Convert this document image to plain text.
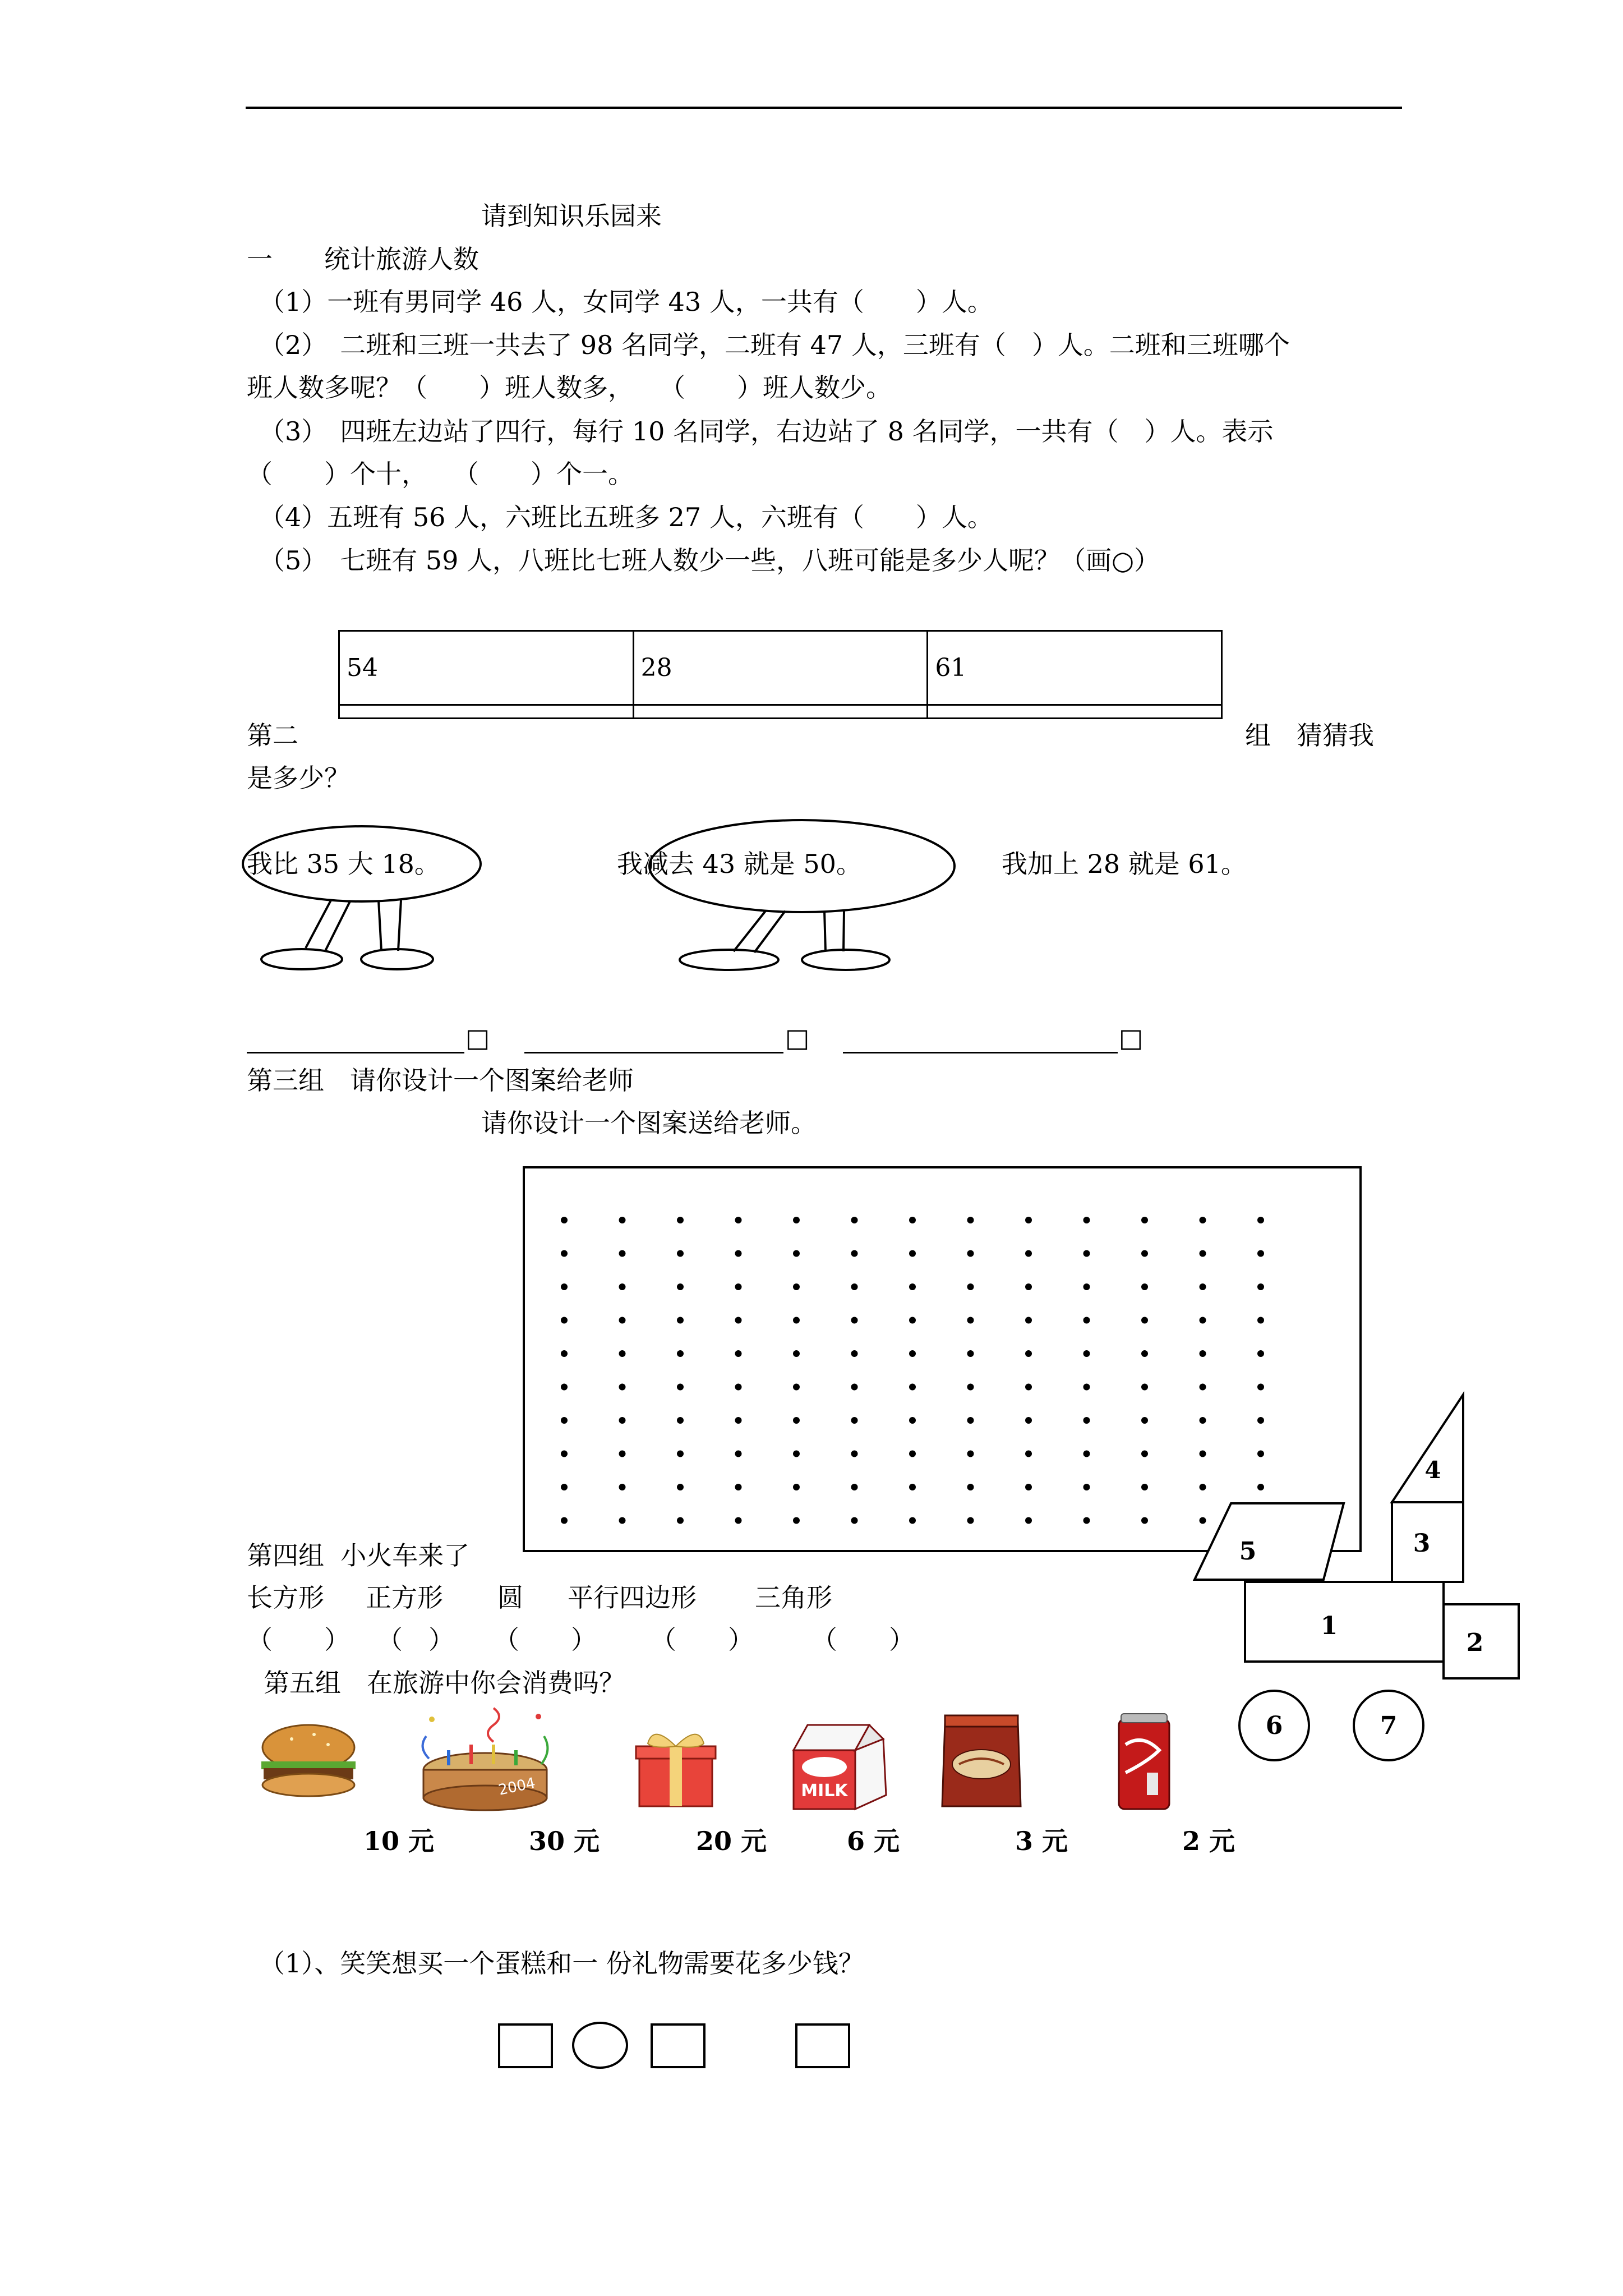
请到知识乐园来
一　　统计旅游人数
（1）一班有男同学 46 人，女同学 43 人，一共有（　　）人。
（2）　二班和三班一共去了 98 名同学，二班有 47 人，三班有（　）人。二班和三班哪个
班人数多呢？（　　）班人数多，　　（　　）班人数少。
（3）　四班左边站了四行，每行 10 名同学，右边站了 8 名同学，一共有（　）人。表示
（　　）个十，　　（　　）个一。
（4）五班有 56 人，六班比五班多 27 人，六班有（　　）人。
（5）　七班有 59 人，八班比七班人数少一些，八班可能是多少人呢？（画○）
54	28	61

第二	组　猜猜我
是多少？
我比 35 大 18。	我减去 43 就是 50。	我加上 28 就是 61。
□	□	□
第三组　请你设计一个图案给老师
请你设计一个图案送给老师。
第四组  小火车来了
长方形 正方形 圆 平行四边形 三角形
（　　） （　） （　　） （　　） （　　）
4
3
5
1
2
6	7
第五组　在旅游中你会消费吗？
2004	MILK
10 元	30 元	20 元	6 元	3 元	2 元
（1）、笑笑想买一个蛋糕和一 份礼物需要花多少钱？
